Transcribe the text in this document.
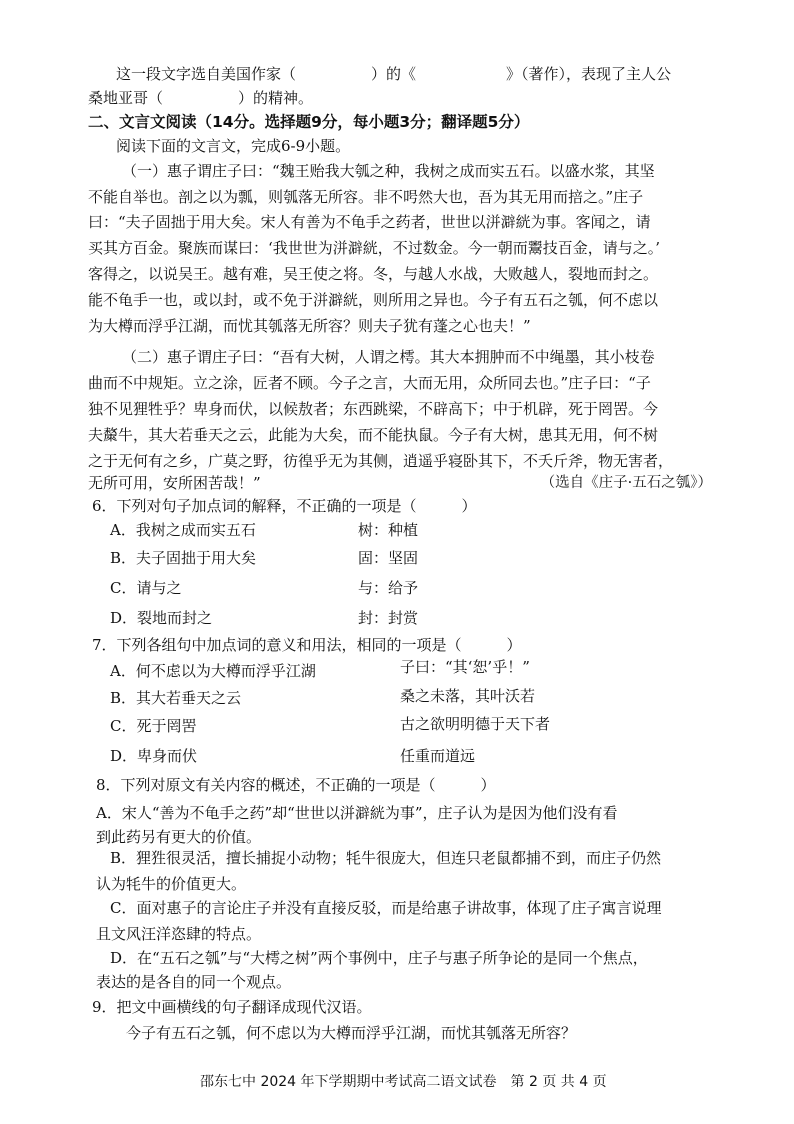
这一段文字选自美国作家（　　　　　）的《　　　　　　》（著作），表现了主人公
桑地亚哥（　　　　　）的精神。
二、文言文阅读（14分。选择题9分，每小题3分；翻译题5分）
阅读下面的文言文，完成6-9小题。
（一）惠子谓庄子曰：“魏王贻我大瓠之种，我树之成而实五石。以盛水浆，其坚
不能自举也。剖之以为瓢，则瓠落无所容。非不呺然大也，吾为其无用而掊之。”庄子
曰：“夫子固拙于用大矣。宋人有善为不龟手之药者，世世以洴澼絖为事。客闻之，请
买其方百金。聚族而谋曰：‘我世世为洴澼絖，不过数金。今一朝而鬻技百金，请与之。’
客得之，以说吴王。越有难，吴王使之将。冬，与越人水战，大败越人，裂地而封之。
能不龟手一也，或以封，或不免于洴澼絖，则所用之异也。今子有五石之瓠，何不虑以
为大樽而浮乎江湖，而忧其瓠落无所容？则夫子犹有蓬之心也夫！”
（二）惠子谓庄子曰：“吾有大树，人谓之樗。其大本拥肿而不中绳墨，其小枝卷
曲而不中规矩。立之涂，匠者不顾。今子之言，大而无用，众所同去也。”庄子曰：“子
独不见狸牲乎？卑身而伏，以候敖者；东西跳梁，不辟高下；中于机辟，死于罔罟。今
夫斄牛，其大若垂天之云，此能为大矣，而不能执鼠。今子有大树，患其无用，何不树
之于无何有之乡，广莫之野，彷徨乎无为其侧，逍遥乎寝卧其下，不夭斤斧，物无害者，
无所可用，安所困苦哉！”	（选自《庄子·五石之瓠》）
6．下列对句子加点词的解释，不正确的一项是（　　　）
A．我树之成而实五石	树：种植
B．夫子固拙于用大矣	固：坚固
C．请与之	与：给予
D．裂地而封之	封：封赏
7．下列各组句中加点词的意义和用法，相同的一项是（　　　）
A．何不虑以为大樽而浮乎江湖	子曰：“其‘恕’乎！”
B．其大若垂天之云	桑之未落，其叶沃若
C．死于罔罟	古之欲明明德于天下者
D．卑身而伏	任重而道远
8．下列对原文有关内容的概述，不正确的一项是（　　　）
A．宋人“善为不龟手之药”却“世世以洴澼絖为事”，庄子认为是因为他们没有看
到此药另有更大的价值。
B．狸狌很灵活，擅长捕捉小动物；牦牛很庞大，但连只老鼠都捕不到，而庄子仍然
认为牦牛的价值更大。
C．面对惠子的言论庄子并没有直接反驳，而是给惠子讲故事，体现了庄子寓言说理
且文风汪洋恣肆的特点。
D．在“五石之瓠”与“大樗之树”两个事例中，庄子与惠子所争论的是同一个焦点，
表达的是各自的同一个观点。
9．把文中画横线的句子翻译成现代汉语。
今子有五石之瓠，何不虑以为大樽而浮乎江湖，而忧其瓠落无所容？
邵东七中 2024 年下学期期中考试高二语文试卷　第 2 页 共 4 页
